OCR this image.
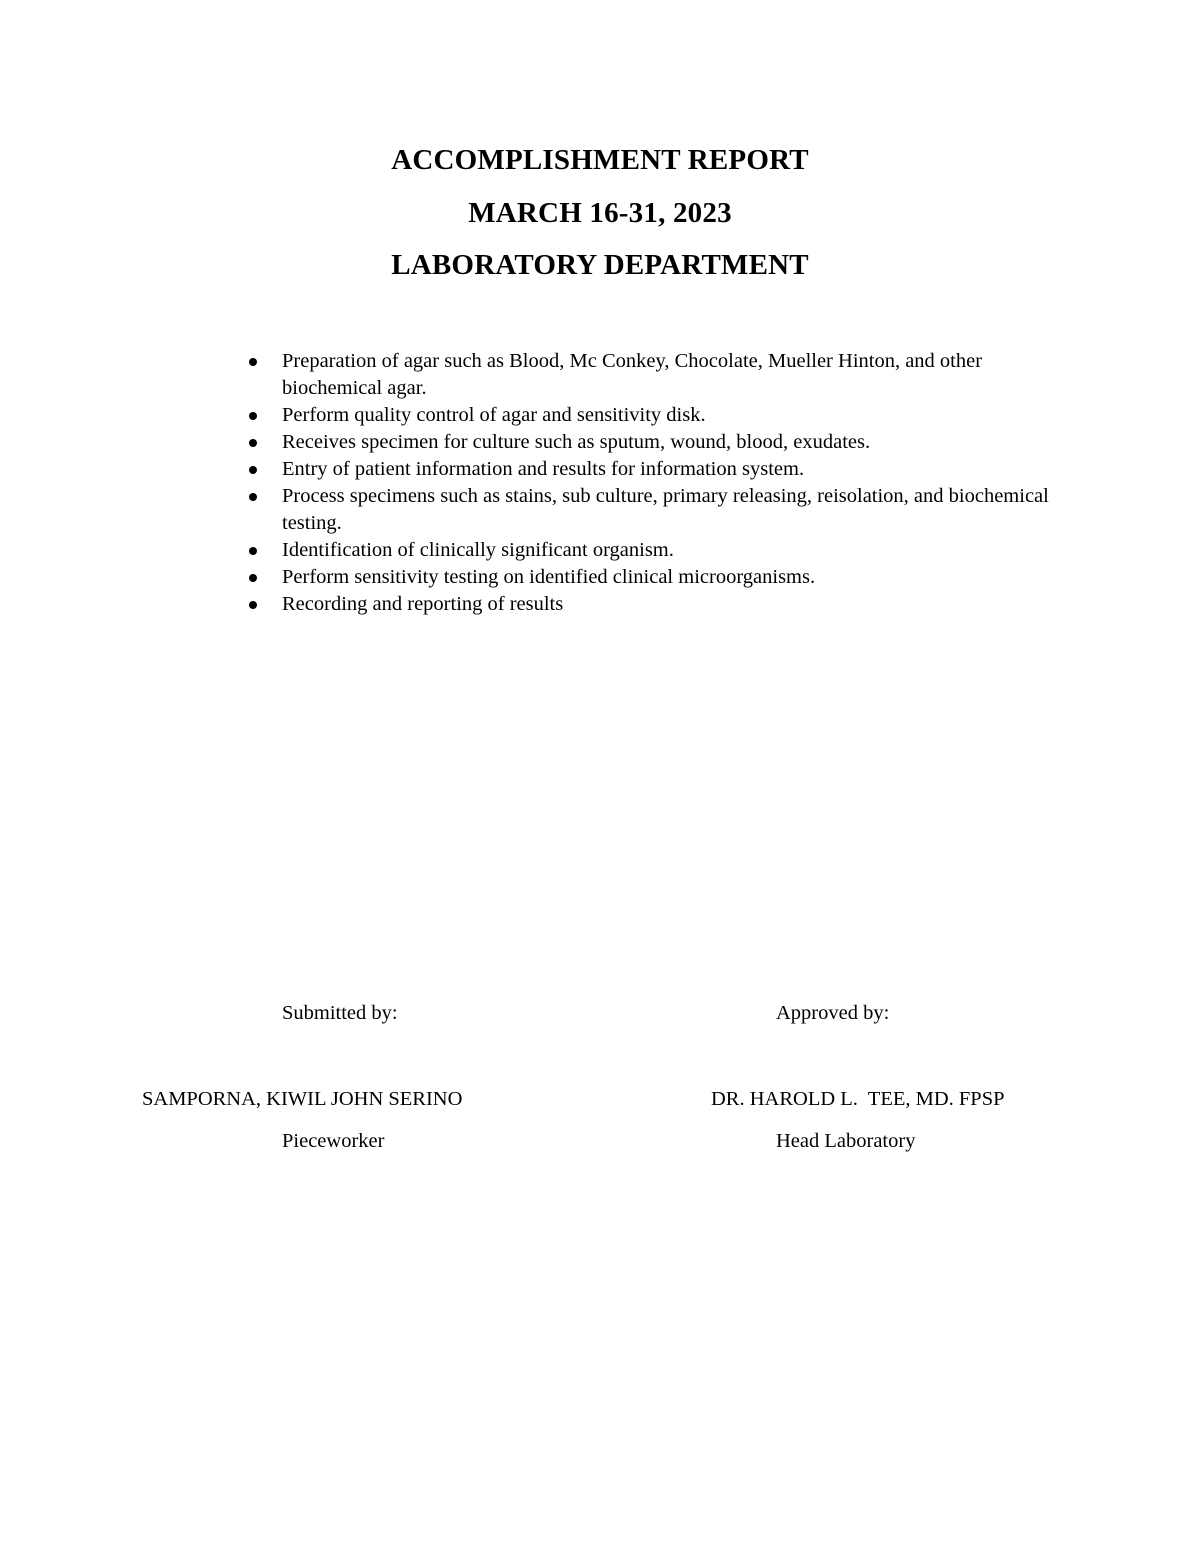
ACCOMPLISHMENT REPORT
MARCH 16-31, 2023
LABORATORY DEPARTMENT
Preparation of agar such as Blood, Mc Conkey, Chocolate, Mueller Hinton, and other biochemical agar.
Perform quality control of agar and sensitivity disk.
Receives specimen for culture such as sputum, wound, blood, exudates.
Entry of patient information and results for information system.
Process specimens such as stains, sub culture, primary releasing, reisolation, and biochemical testing.
Identification of clinically significant organism.
Perform sensitivity testing on identified clinical microorganisms.
Recording and reporting of results
Submitted by:	Approved by:
SAMPORNA, KIWIL JOHN SERINO	DR. HAROLD L.  TEE, MD. FPSP
Pieceworker	Head Laboratory
